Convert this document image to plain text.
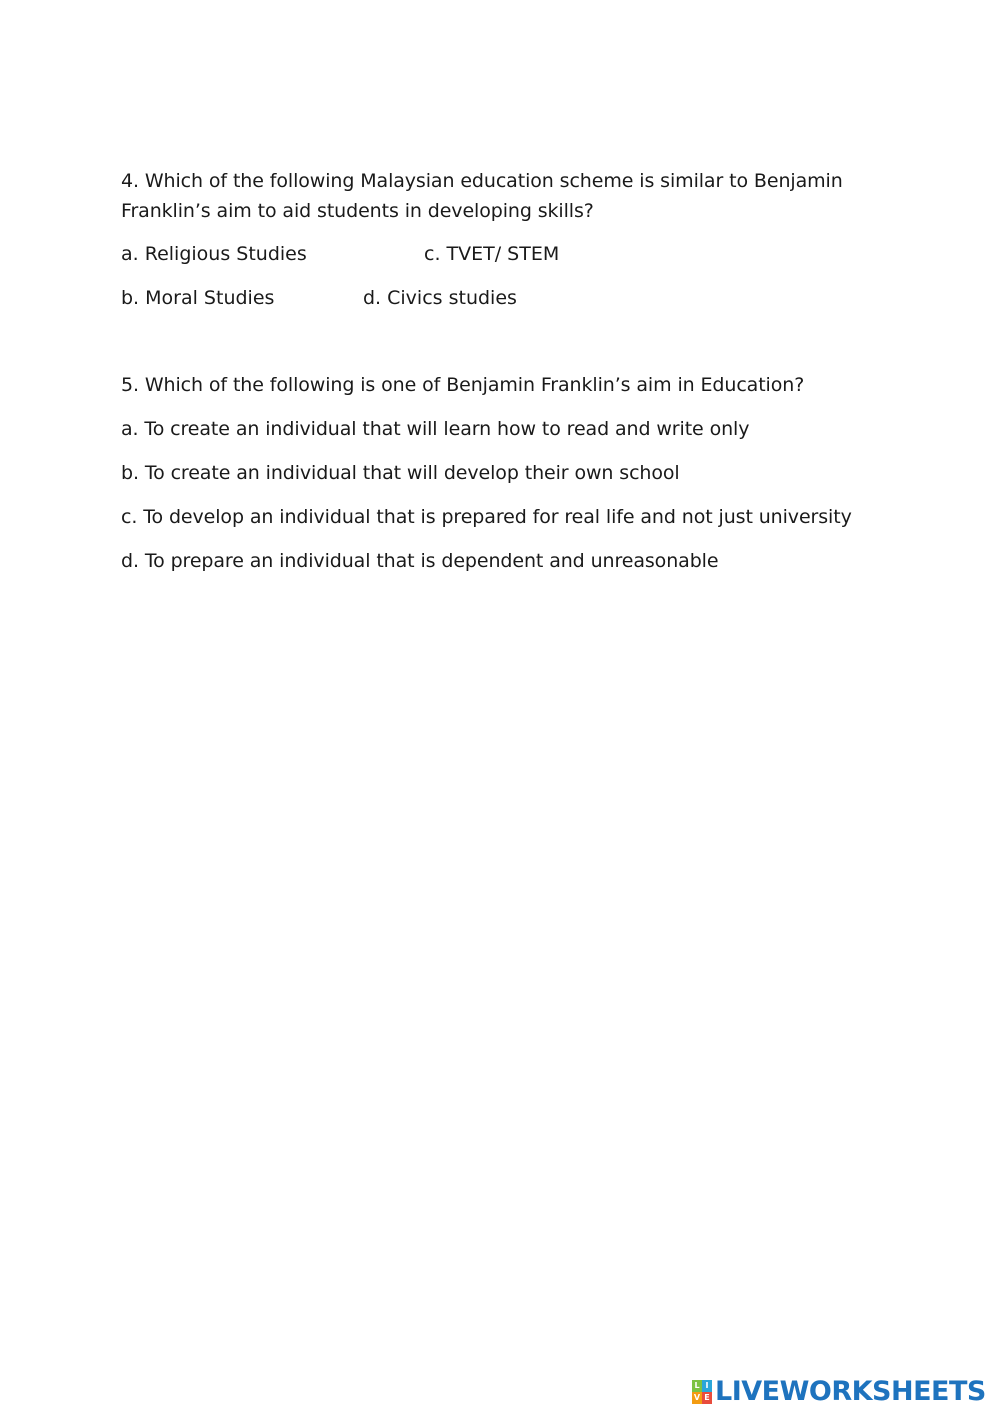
4. Which of the following Malaysian education scheme is similar to Benjamin
Franklin’s aim to aid students in developing skills?
a. Religious Studies	c. TVET/ STEM
b. Moral Studies	d. Civics studies
5. Which of the following is one of Benjamin Franklin’s aim in Education?
a. To create an individual that will learn how to read and write only
b. To create an individual that will develop their own school
c. To develop an individual that is prepared for real life and not just university
d. To prepare an individual that is dependent and unreasonable
L I
V E LIVEWORKSHEETS
